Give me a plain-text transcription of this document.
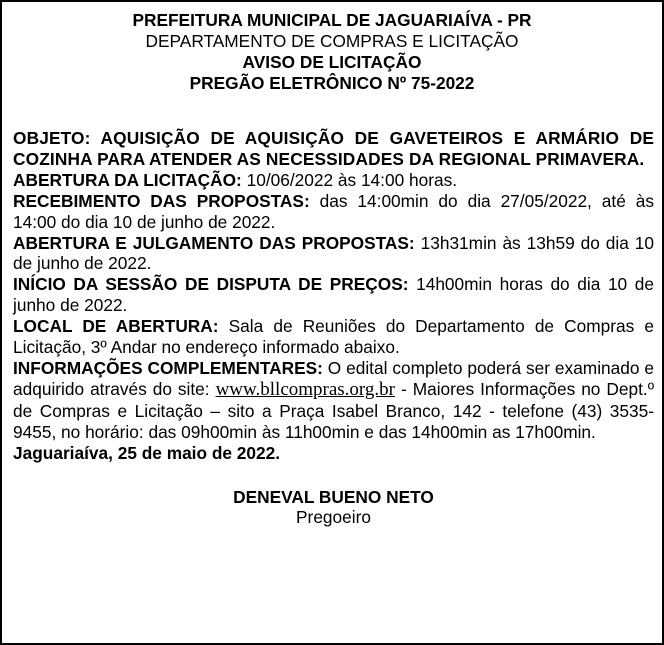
PREFEITURA MUNICIPAL DE JAGUARIAÍVA - PR
DEPARTAMENTO DE COMPRAS E LICITAÇÃO
AVISO DE LICITAÇÃO
PREGÃO ELETRÔNICO Nº 75-2022

OBJETO: AQUISIÇÃO DE AQUISIÇÃO DE GAVETEIROS E ARMÁRIO DE COZINHA PARA ATENDER AS NECESSIDADES DA REGIONAL PRIMAVERA.

ABERTURA DA LICITAÇÃO: 10/06/2022 às 14:00 horas.

RECEBIMENTO DAS PROPOSTAS: das 14:00min do dia 27/05/2022, até às 14:00 do dia 10 de junho de 2022.

ABERTURA E JULGAMENTO DAS PROPOSTAS: 13h31min às 13h59 do dia 10 de junho de 2022.

INÍCIO DA SESSÃO DE DISPUTA DE PREÇOS: 14h00min horas do dia 10 de junho de 2022.

LOCAL DE ABERTURA: Sala de Reuniões do Departamento de Compras e Licitação, 3º Andar no endereço informado abaixo.

INFORMAÇÕES COMPLEMENTARES: O edital completo poderá ser examinado e adquirido através do site: www.bllcompras.org.br - Maiores Informações no Dept.º de Compras e Licitação – sito a Praça Isabel Branco, 142 - telefone (43) 3535-9455, no horário: das 09h00min às 11h00min e das 14h00min as 17h00min.

Jaguariaíva, 25 de maio de 2022.

DENEVAL BUENO NETO
Pregoeiro
